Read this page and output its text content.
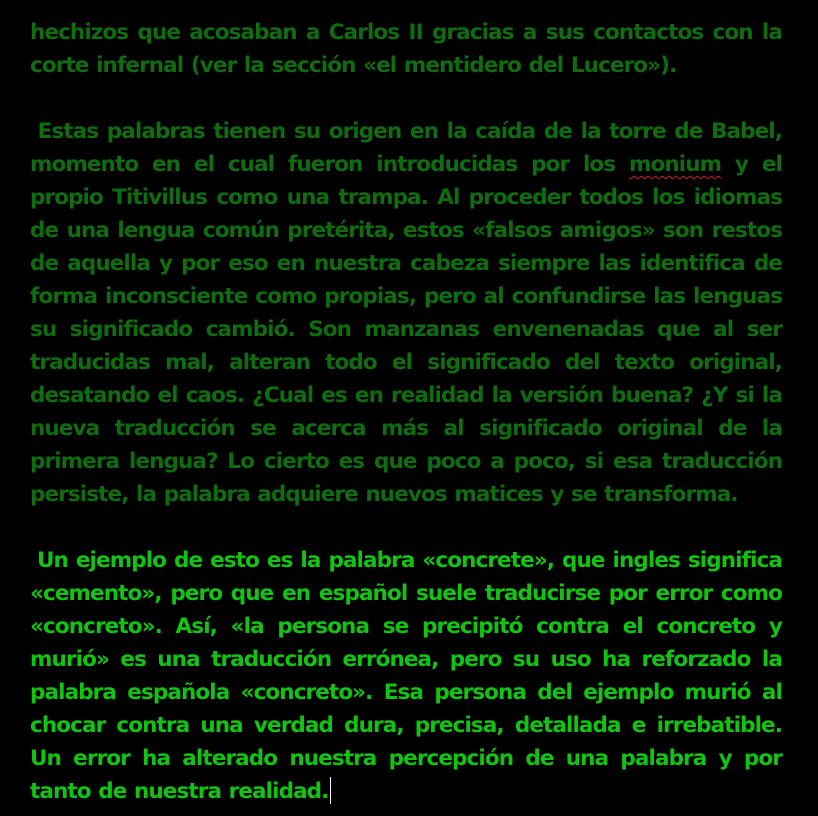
hechizos que acosaban a Carlos II gracias a sus contactos con la corte infernal (ver la sección «el mentidero del Lucero»).

Estas palabras tienen su origen en la caída de la torre de Babel, momento en el cual fueron introducidas por los monium y el propio Titivillus como una trampa. Al proceder todos los idiomas de una lengua común pretérita, estos «falsos amigos» son restos de aquella y por eso en nuestra cabeza siempre las identifica de forma inconsciente como propias, pero al confundirse las lenguas su significado cambió. Son manzanas envenenadas que al ser traducidas mal, alteran todo el significado del texto original, desatando el caos. ¿Cual es en realidad la versión buena? ¿Y si la nueva traducción se acerca más al significado original de la primera lengua? Lo cierto es que poco a poco, si esa traducción persiste, la palabra adquiere nuevos matices y se transforma.

Un ejemplo de esto es la palabra «concrete», que ingles significa «cemento», pero que en español suele traducirse por error como «concreto». Así, «la persona se precipitó contra el concreto y murió» es una traducción errónea, pero su uso ha reforzado la palabra española «concreto». Esa persona del ejemplo murió al chocar contra una verdad dura, precisa, detallada e irrebatible. Un error ha alterado nuestra percepción de una palabra y por tanto de nuestra realidad.
